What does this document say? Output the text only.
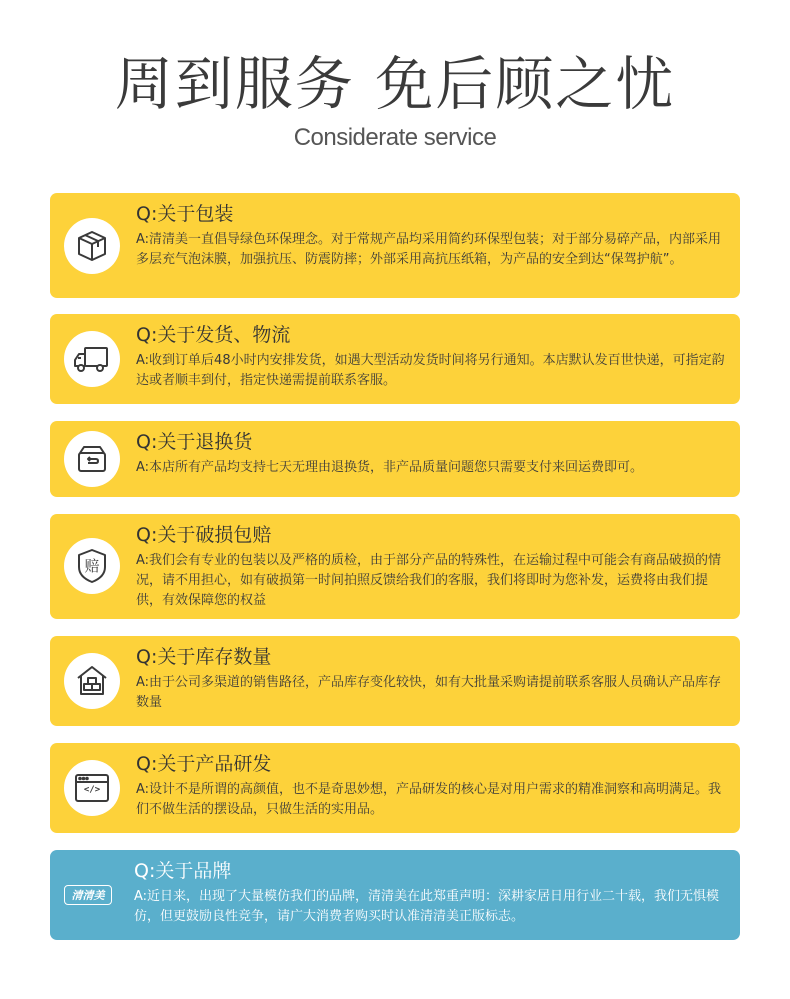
周到服务 免后顾之忧
Considerate service
Q:关于包装
A:清清美一直倡导绿色环保理念。对于常规产品均采用简约环保型包装；对于部分易碎产品，内部采用多层充气泡沫膜，加强抗压、防震防摔；外部采用高抗压纸箱，为产品的安全到达“保驾护航”。
Q:关于发货、物流
A:收到订单后48小时内安排发货，如遇大型活动发货时间将另行通知。本店默认发百世快递，可指定韵达或者顺丰到付，指定快递需提前联系客服。
Q:关于退换货
A:本店所有产品均支持七天无理由退换货，非产品质量问题您只需要支付来回运费即可。
赔
Q:关于破损包赔
A:我们会有专业的包装以及严格的质检，由于部分产品的特殊性，在运输过程中可能会有商品破损的情况，请不用担心，如有破损第一时间拍照反馈给我们的客服，我们将即时为您补发，运费将由我们提供，有效保障您的权益
Q:关于库存数量
A:由于公司多渠道的销售路径，产品库存变化较快，如有大批量采购请提前联系客服人员确认产品库存数量
</>
Q:关于产品研发
A:设计不是所谓的高颜值，也不是奇思妙想，产品研发的核心是对用户需求的精准洞察和高明满足。我们不做生活的摆设品，只做生活的实用品。
清清美
Q:关于品牌
A:近日来，出现了大量模仿我们的品牌，清清美在此郑重声明：深耕家居日用行业二十载，我们无惧模仿，但更鼓励良性竞争，请广大消费者购买时认准清清美正版标志。
